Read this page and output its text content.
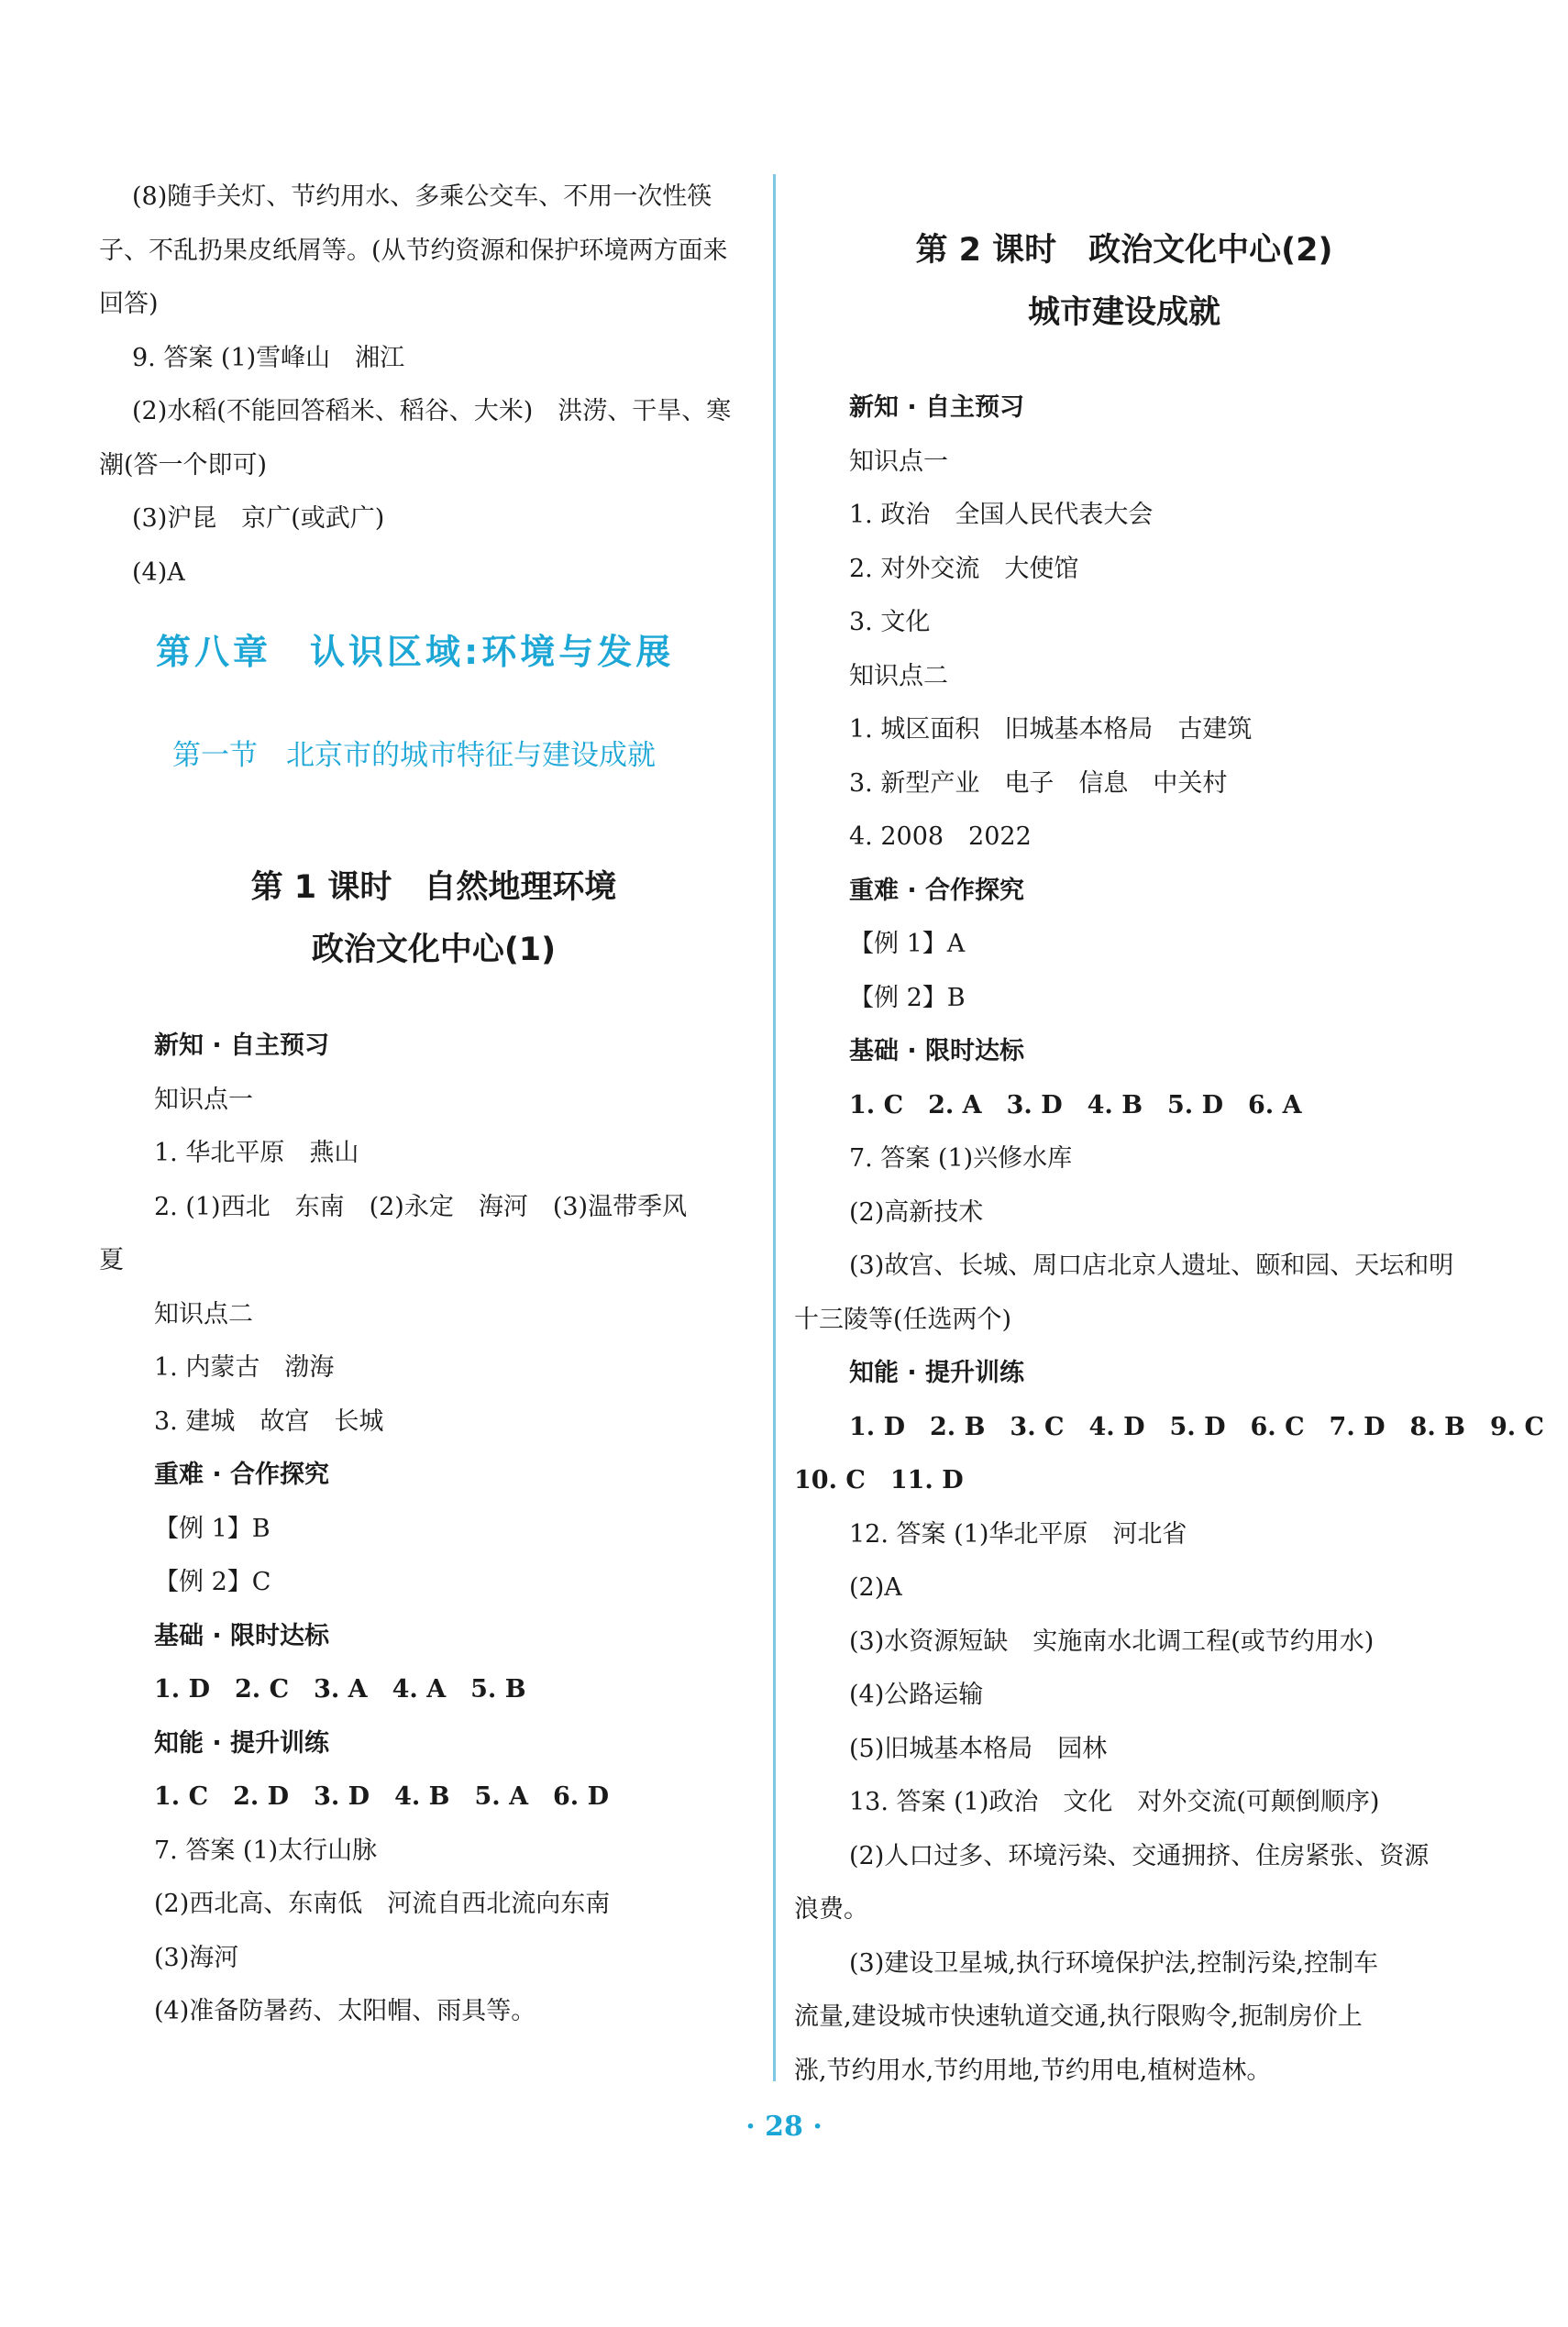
(8)随手关灯、节约用水、多乘公交车、不用一次性筷
子、不乱扔果皮纸屑等。(从节约资源和保护环境两方面来
回答)
9. 答案 (1)雪峰山　湘江
(2)水稻(不能回答稻米、稻谷、大米)　洪涝、干旱、寒
潮(答一个即可)
(3)沪昆　京广(或武广)
(4)A
第八章　认识区域:环境与发展
第一节　北京市的城市特征与建设成就
第 1 课时　自然地理环境
政治文化中心(1)
新知 · 自主预习
知识点一
1. 华北平原　燕山
2. (1)西北　东南　(2)永定　海河　(3)温带季风
夏
知识点二
1. 内蒙古　渤海
3. 建城　故宫　长城
重难 · 合作探究
【例 1】B
【例 2】C
基础 · 限时达标
1. D　2. C　3. A　4. A　5. B
知能 · 提升训练
1. C　2. D　3. D　4. B　5. A　6. D
7. 答案 (1)太行山脉
(2)西北高、东南低　河流自西北流向东南
(3)海河
(4)准备防暑药、太阳帽、雨具等。
第 2 课时　政治文化中心(2)
城市建设成就
新知 · 自主预习
知识点一
1. 政治　全国人民代表大会
2. 对外交流　大使馆
3. 文化
知识点二
1. 城区面积　旧城基本格局　古建筑
3. 新型产业　电子　信息　中关村
4. 2008　2022
重难 · 合作探究
【例 1】A
【例 2】B
基础 · 限时达标
1. C　2. A　3. D　4. B　5. D　6. A
7. 答案 (1)兴修水库
(2)高新技术
(3)故宫、长城、周口店北京人遗址、颐和园、天坛和明
十三陵等(任选两个)
知能 · 提升训练
1. D　2. B　3. C　4. D　5. D　6. C　7. D　8. B　9. C
10. C　11. D
12. 答案 (1)华北平原　河北省
(2)A
(3)水资源短缺　实施南水北调工程(或节约用水)
(4)公路运输
(5)旧城基本格局　园林
13. 答案 (1)政治　文化　对外交流(可颠倒顺序)
(2)人口过多、环境污染、交通拥挤、住房紧张、资源
浪费。
(3)建设卫星城,执行环境保护法,控制污染,控制车
流量,建设城市快速轨道交通,执行限购令,扼制房价上
涨,节约用水,节约用地,节约用电,植树造林。
· 28 ·
